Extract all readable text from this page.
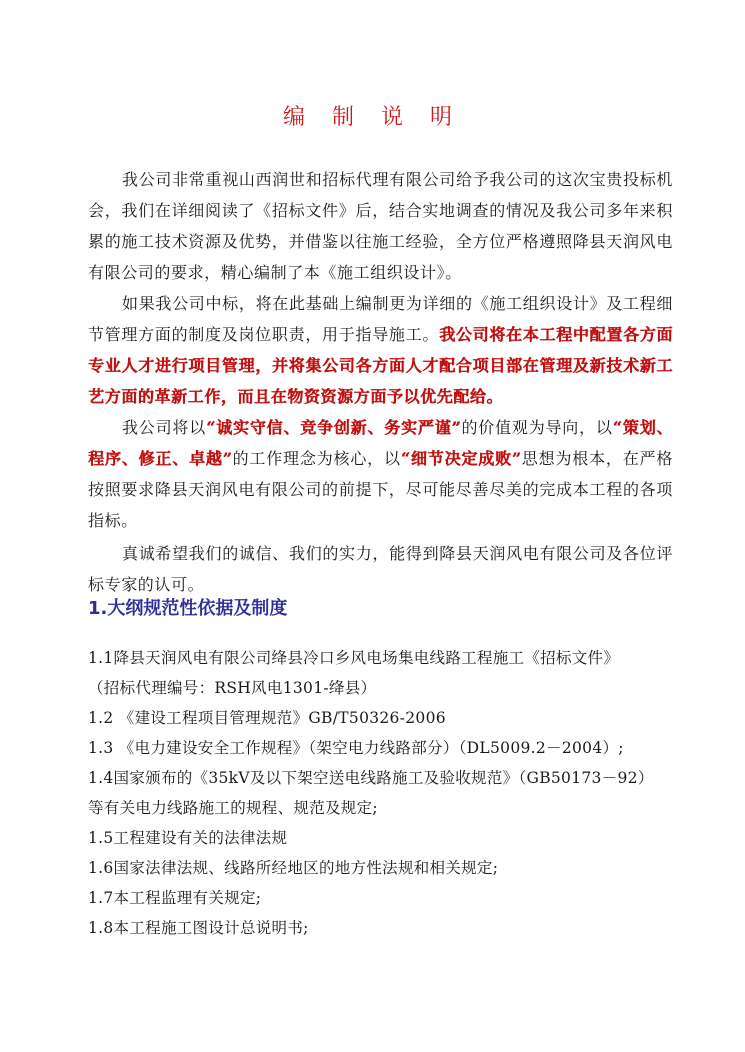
编 制 说 明
我公司非常重视山西润世和招标代理有限公司给予我公司的这次宝贵投标机会，我们在详细阅读了《招标文件》后，结合实地调查的情况及我公司多年来积累的施工技术资源及优势，并借鉴以往施工经验，全方位严格遵照降县天润风电有限公司的要求，精心编制了本《施工组织设计》。
如果我公司中标，将在此基础上编制更为详细的《施工组织设计》及工程细节管理方面的制度及岗位职责，用于指导施工。我公司将在本工程中配置各方面专业人才进行项目管理，并将集公司各方面人才配合项目部在管理及新技术新工艺方面的革新工作，而且在物资资源方面予以优先配给。
我公司将以“诚实守信、竞争创新、务实严谨”的价值观为导向，以“策划、程序、修正、卓越”的工作理念为核心，以“细节决定成败”思想为根本，在严格按照要求降县天润风电有限公司的前提下，尽可能尽善尽美的完成本工程的各项指标。
真诚希望我们的诚信、我们的实力，能得到降县天润风电有限公司及各位评标专家的认可。
1.大纲规范性依据及制度
1.1降县天润风电有限公司绛县冷口乡风电场集电线路工程施工《招标文件》
（招标代理编号：RSH风电1301-绛县）
1.2 《建设工程项目管理规范》GB/T50326-2006
1.3 《电力建设安全工作规程》（架空电力线路部分）（DL5009.2－2004）;
1.4国家颁布的《35kV及以下架空送电线路施工及验收规范》（GB50173－92）
等有关电力线路施工的规程、规范及规定;
1.5工程建设有关的法律法规
1.6国家法律法规、线路所经地区的地方性法规和相关规定;
1.7本工程监理有关规定;
1.8本工程施工图设计总说明书;
